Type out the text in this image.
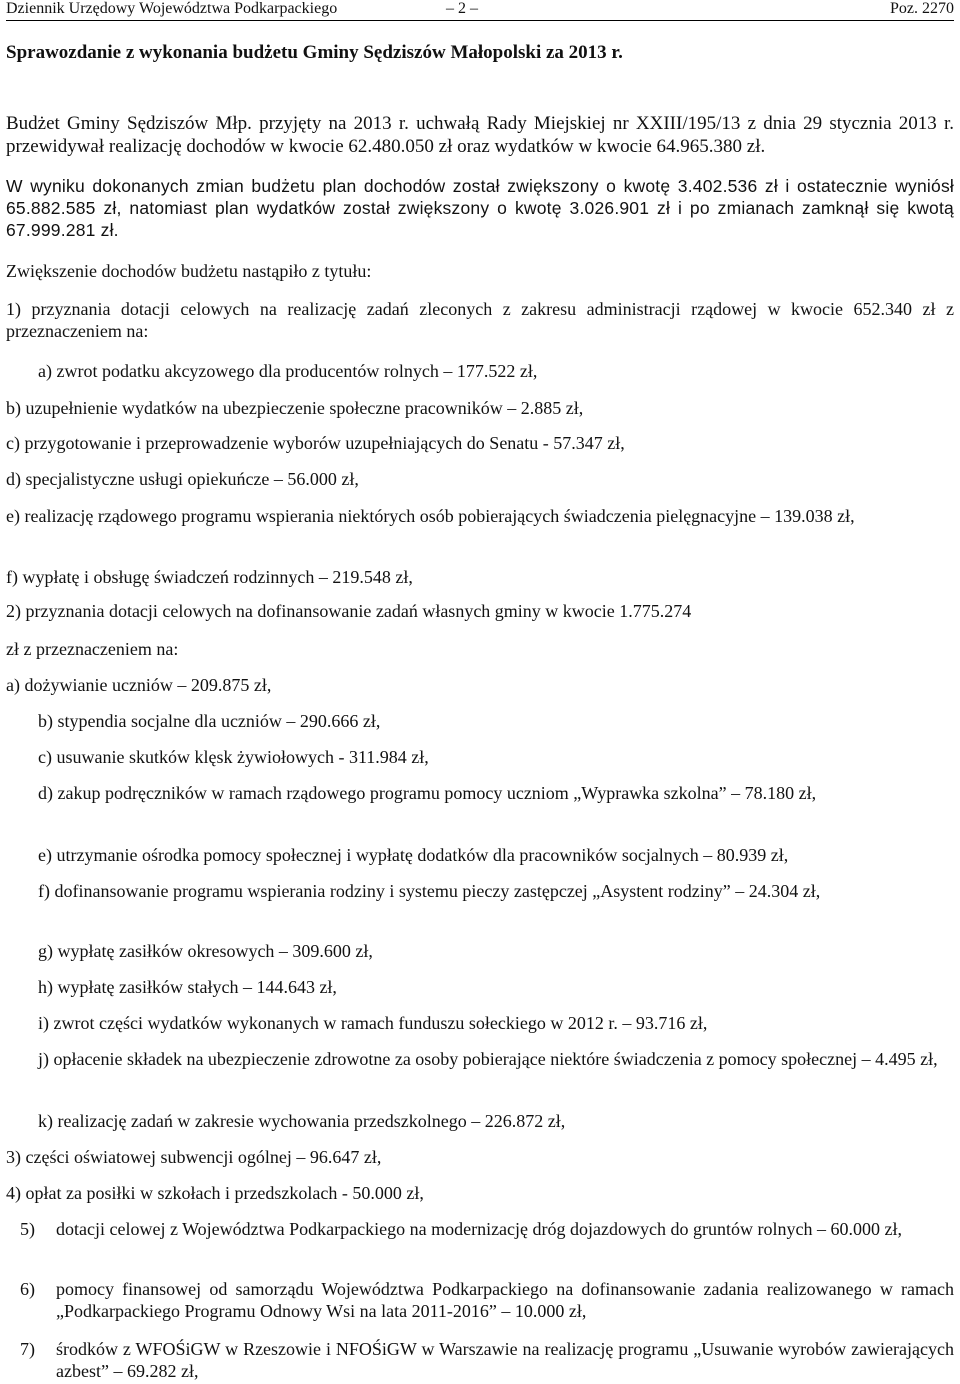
Dziennik Urzędowy Województwa Podkarpackiego	– 2 –	Poz. 2270
Sprawozdanie z wykonania budżetu Gminy Sędziszów Małopolski za 2013 r.
Budżet Gminy Sędziszów Młp. przyjęty na 2013 r. uchwałą Rady Miejskiej nr XXIII/195/13 z dnia 29 stycznia 2013 r. przewidywał realizację dochodów w kwocie 62.480.050 zł oraz wydatków w kwocie 64.965.380 zł.
W wyniku dokonanych zmian budżetu plan dochodów został zwiększony o kwotę 3.402.536 zł i ostatecznie wyniósł 65.882.585 zł, natomiast plan wydatków został zwiększony o kwotę 3.026.901 zł i po zmianach zamknął się kwotą 67.999.281 zł.
Zwiększenie dochodów budżetu nastąpiło z tytułu:
1) przyznania dotacji celowych na realizację zadań zleconych z zakresu administracji rządowej w kwocie 652.340 zł z przeznaczeniem na:
a) zwrot podatku akcyzowego dla producentów rolnych – 177.522 zł,
b) uzupełnienie wydatków na ubezpieczenie społeczne pracowników – 2.885 zł,
c) przygotowanie i przeprowadzenie wyborów uzupełniających do Senatu - 57.347 zł,
d) specjalistyczne usługi opiekuńcze – 56.000 zł,
e) realizację rządowego programu wspierania niektórych osób pobierających świadczenia pielęgnacyjne – 139.038 zł,
f) wypłatę i obsługę świadczeń rodzinnych – 219.548 zł,
2) przyznania dotacji celowych na dofinansowanie zadań własnych gminy w kwocie 1.775.274
zł z przeznaczeniem na:
a) dożywianie uczniów – 209.875 zł,
b) stypendia socjalne dla uczniów – 290.666 zł,
c) usuwanie skutków klęsk żywiołowych - 311.984 zł,
d) zakup podręczników w ramach rządowego programu pomocy uczniom „Wyprawka szkolna” – 78.180 zł,
e) utrzymanie ośrodka pomocy społecznej i wypłatę dodatków dla pracowników socjalnych – 80.939 zł,
f) dofinansowanie programu wspierania rodziny i systemu pieczy zastępczej „Asystent rodziny” – 24.304 zł,
g) wypłatę zasiłków okresowych – 309.600 zł,
h) wypłatę zasiłków stałych – 144.643 zł,
i) zwrot części wydatków wykonanych w ramach funduszu sołeckiego w 2012 r. – 93.716 zł,
j) opłacenie składek na ubezpieczenie zdrowotne za osoby pobierające niektóre świadczenia z pomocy społecznej – 4.495 zł,
k) realizację zadań w zakresie wychowania przedszkolnego – 226.872 zł,
3) części oświatowej subwencji ogólnej – 96.647 zł,
4) opłat za posiłki w szkołach i przedszkolach - 50.000 zł,
5)	dotacji celowej z Województwa Podkarpackiego na modernizację dróg dojazdowych do gruntów rolnych – 60.000 zł,
6)	pomocy finansowej od samorządu Województwa Podkarpackiego na dofinansowanie zadania realizowanego w ramach „Podkarpackiego Programu Odnowy Wsi na lata 2011-2016” – 10.000 zł,
7)	środków z WFOŚiGW w Rzeszowie i NFOŚiGW w Warszawie na realizację programu „Usuwanie wyrobów zawierających azbest” – 69.282 zł,
